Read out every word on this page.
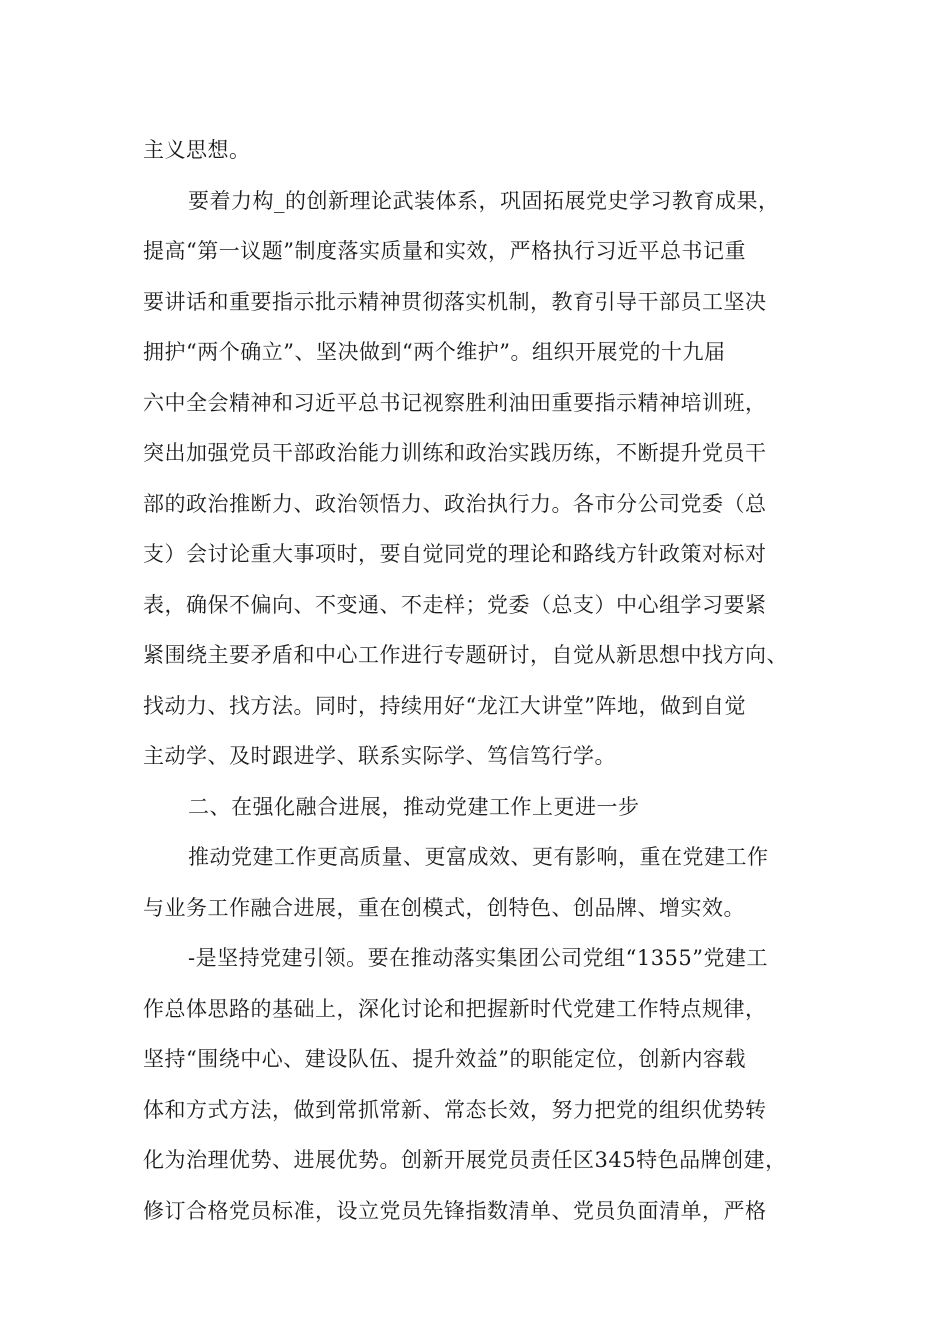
主义思想。
要着力构_的创新理论武装体系，巩固拓展党史学习教育成果，
提高“第一议题”制度落实质量和实效，严格执行习近平总书记重
要讲话和重要指示批示精神贯彻落实机制，教育引导干部员工坚决
拥护“两个确立”、坚决做到“两个维护”。组织开展党的十九届
六中全会精神和习近平总书记视察胜利油田重要指示精神培训班，
突出加强党员干部政治能力训练和政治实践历练，不断提升党员干
部的政治推断力、政治领悟力、政治执行力。各市分公司党委（总
支）会讨论重大事项时，要自觉同党的理论和路线方针政策对标对
表，确保不偏向、不变通、不走样；党委（总支）中心组学习要紧
紧围绕主要矛盾和中心工作进行专题研讨，自觉从新思想中找方向、
找动力、找方法。同时，持续用好“龙江大讲堂”阵地，做到自觉
主动学、及时跟进学、联系实际学、笃信笃行学。
二、在强化融合进展，推动党建工作上更进一步
推动党建工作更高质量、更富成效、更有影响，重在党建工作
与业务工作融合进展，重在创模式，创特色、创品牌、增实效。
-是坚持党建引领。要在推动落实集团公司党组“1355”党建工
作总体思路的基础上，深化讨论和把握新时代党建工作特点规律，
坚持“围绕中心、建设队伍、提升效益”的职能定位，创新内容载
体和方式方法，做到常抓常新、常态长效，努力把党的组织优势转
化为治理优势、进展优势。创新开展党员责任区345特色品牌创建，
修订合格党员标准，设立党员先锋指数清单、党员负面清单，严格
